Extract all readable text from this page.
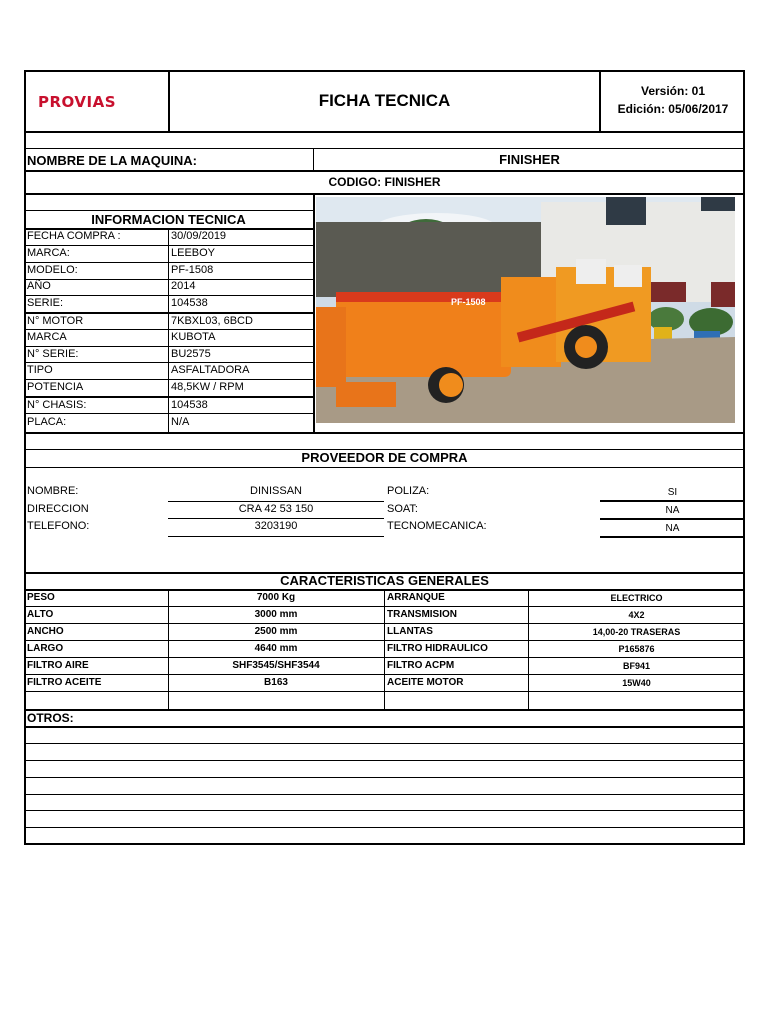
PROVIAS	FICHA TECNICA	Versión: 01
Edición: 05/06/2017
NOMBRE DE LA MAQUINA:	FINISHER
CODIGO: FINISHER
INFORMACION TECNICA
FECHA COMPRA :	30/09/2019
MARCA:	LEEBOY
MODELO:	PF-1508
AÑO	2014
SERIE:	104538
N° MOTOR	7KBXL03, 6BCD
MARCA	KUBOTA
N° SERIE:	BU2575
TIPO	ASFALTADORA
POTENCIA	48,5KW / RPM
N° CHASIS:	104538
PLACA:	N/A
PF-1508
PROVEEDOR DE COMPRA
NOMBRE:	DINISSAN
DIRECCION	CRA 42 53 150
TELEFONO:	3203190
POLIZA:	SI
SOAT:	NA
TECNOMECANICA:	NA
CARACTERISTICAS GENERALES
PESO	7000 Kg	ARRANQUE	ELECTRICO
ALTO	3000 mm	TRANSMISION	4X2
ANCHO	2500 mm	LLANTAS	14,00-20 TRASERAS
LARGO	4640 mm	FILTRO HIDRAULICO	P165876
FILTRO AIRE	SHF3545/SHF3544	FILTRO ACPM	BF941
FILTRO ACEITE	B163	ACEITE MOTOR	15W40
OTROS:
